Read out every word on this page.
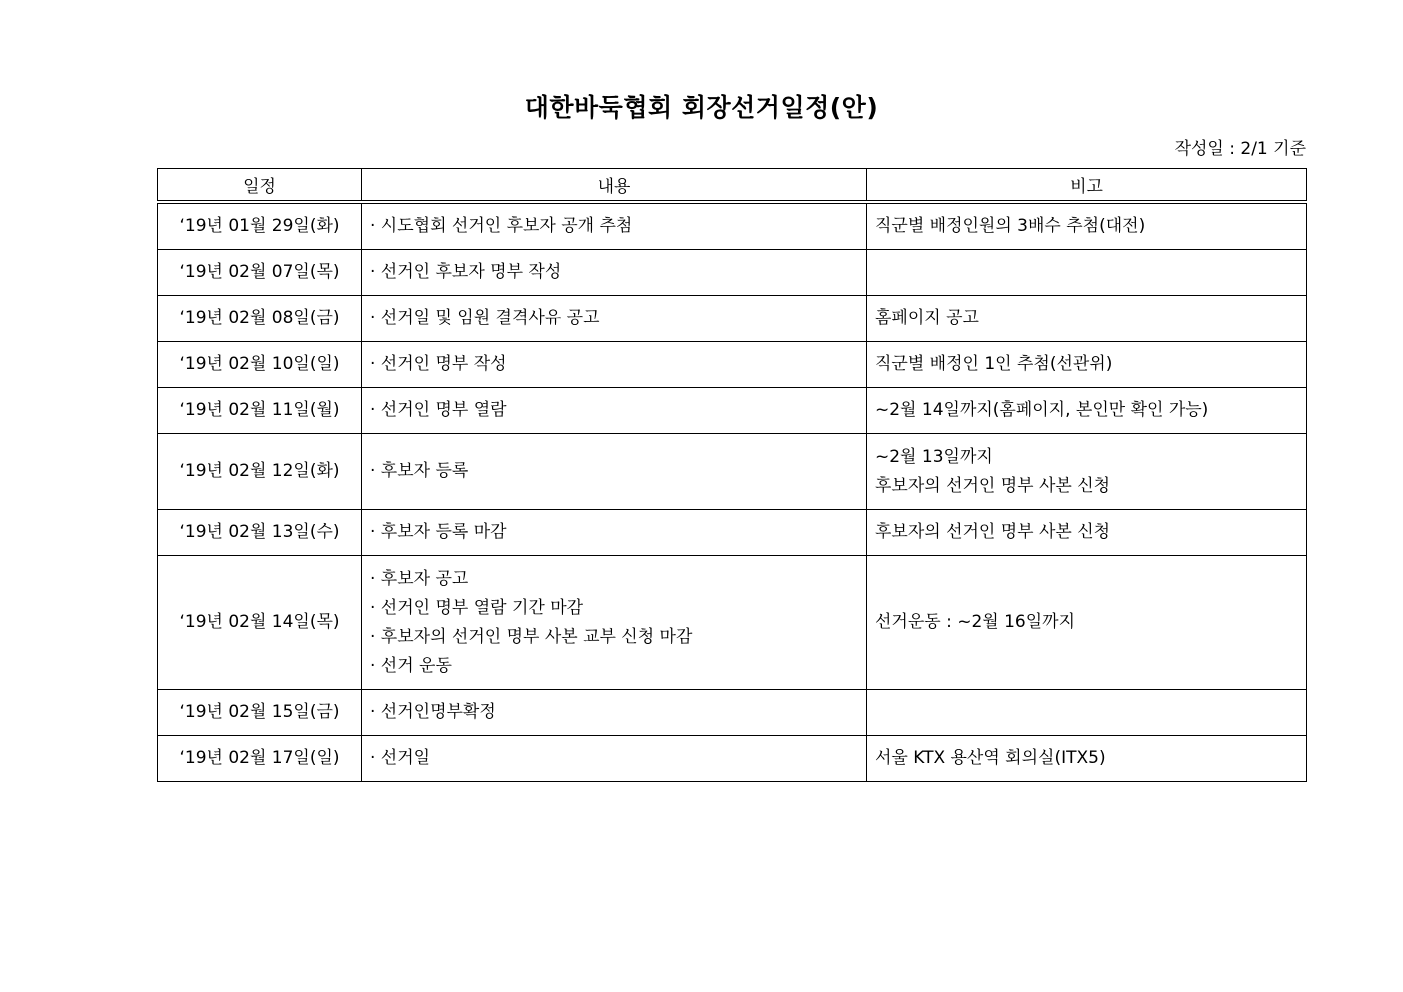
대한바둑협회 회장선거일정(안)
작성일 : 2/1 기준
일정	내용	비고
‘19년 01월 29일(화)	· 시도협회 선거인 후보자 공개 추첨	직군별 배정인원의 3배수 추첨(대전)

‘19년 02월 07일(목)	· 선거인 후보자 명부 작성	

‘19년 02월 08일(금)	· 선거일 및 임원 결격사유 공고	홈페이지 공고

‘19년 02월 10일(일)	· 선거인 명부 작성	직군별 배정인 1인 추첨(선관위)

‘19년 02월 11일(월)	· 선거인 명부 열람	~2월 14일까지(홈페이지, 본인만 확인 가능)

‘19년 02월 12일(화)	· 후보자 등록	~2월 13일까지
후보자의 선거인 명부 사본 신청

‘19년 02월 13일(수)	· 후보자 등록 마감	후보자의 선거인 명부 사본 신청

‘19년 02월 14일(목)	· 후보자 공고
· 선거인 명부 열람 기간 마감
· 후보자의 선거인 명부 사본 교부 신청 마감
· 선거 운동	선거운동 : ~2월 16일까지

‘19년 02월 15일(금)	· 선거인명부확정	

‘19년 02월 17일(일)	· 선거일	서울 KTX 용산역 회의실(ITX5)
